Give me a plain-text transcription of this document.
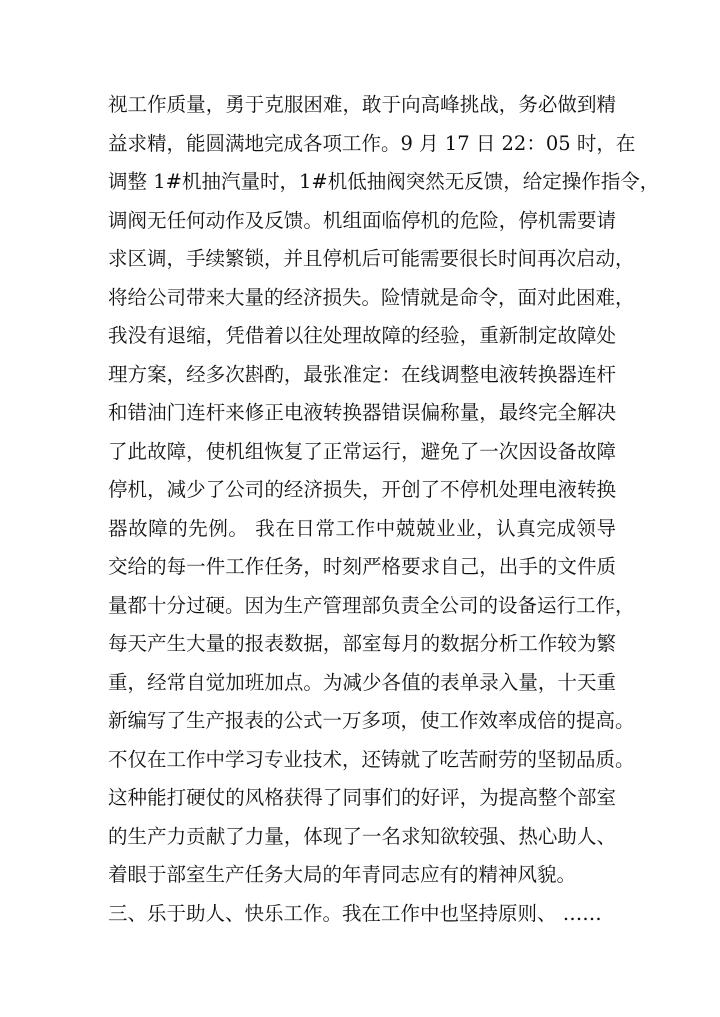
视工作质量，勇于克服困难，敢于向高峰挑战，务必做到精
益求精，能圆满地完成各项工作。9 月 17 日 22：05 时，在
调整 1#机抽汽量时，1#机低抽阀突然无反馈，给定操作指令，
调阀无任何动作及反馈。机组面临停机的危险，停机需要请
求区调，手续繁锁，并且停机后可能需要很长时间再次启动，
将给公司带来大量的经济损失。险情就是命令，面对此困难，
我没有退缩，凭借着以往处理故障的经验，重新制定故障处
理方案，经多次斟酌，最张准定：在线调整电液转换器连杆
和错油门连杆来修正电液转换器错误偏称量，最终完全解决
了此故障，使机组恢复了正常运行，避免了一次因设备故障
停机，减少了公司的经济损失，开创了不停机处理电液转换
器故障的先例。 我在日常工作中兢兢业业，认真完成领导
交给的每一件工作任务，时刻严格要求自己，出手的文件质
量都十分过硬。因为生产管理部负责全公司的设备运行工作，
每天产生大量的报表数据，部室每月的数据分析工作较为繁
重，经常自觉加班加点。为减少各值的表单录入量，十天重
新编写了生产报表的公式一万多项，使工作效率成倍的提高。
不仅在工作中学习专业技术，还铸就了吃苦耐劳的坚韧品质。
这种能打硬仗的风格获得了同事们的好评，为提高整个部室
的生产力贡献了力量，体现了一名求知欲较强、热心助人、
着眼于部室生产任务大局的年青同志应有的精神风貌。
三、乐于助人、快乐工作。我在工作中也坚持原则、 ……
